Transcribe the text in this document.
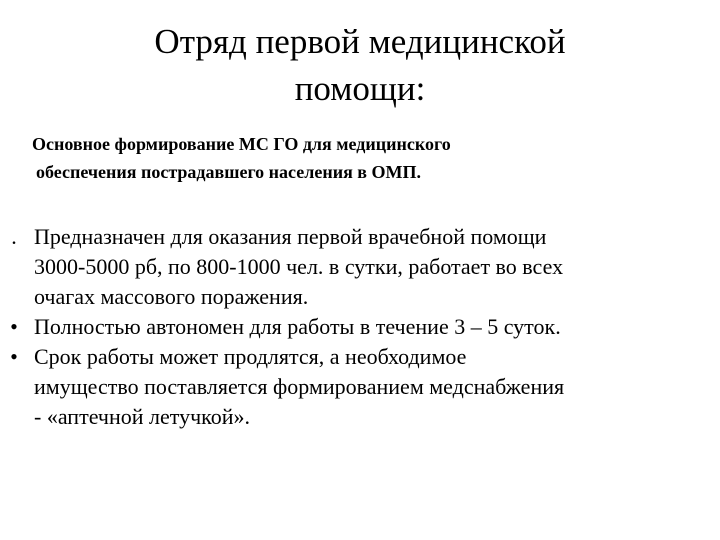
Отряд первой медицинской
помощи:
Основное формирование МС ГО для медицинского
обеспечения пострадавшего населения в ОМП.
. Предназначен для оказания первой врачебной помощи
3000-5000 рб, по 800-1000 чел. в сутки, работает во всех
очагах массового поражения.
• Полностью автономен для работы в течение 3 – 5 суток.
• Срок работы может продлятся, а необходимое
имущество поставляется формированием медснабжения
- «аптечной летучкой».
